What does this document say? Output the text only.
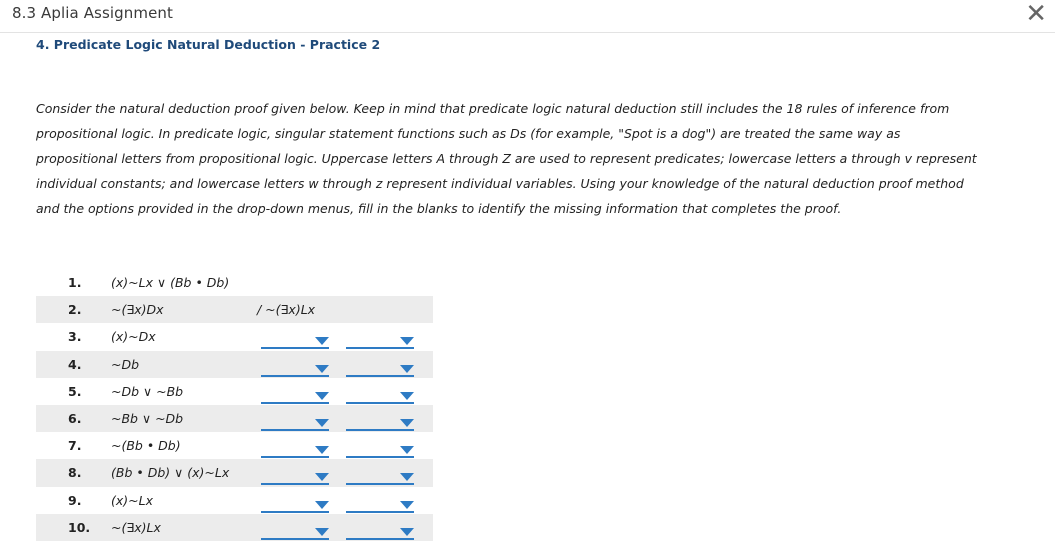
8.3 Aplia Assignment	✕
4. Predicate Logic Natural Deduction - Practice 2
Consider the natural deduction proof given below. Keep in mind that predicate logic natural deduction still includes the 18 rules of inference from
propositional logic. In predicate logic, singular statement functions such as Ds (for example, "Spot is a dog") are treated the same way as
propositional letters from propositional logic. Uppercase letters A through Z are used to represent predicates; lowercase letters a through v represent
individual constants; and lowercase letters w through z represent individual variables. Using your knowledge of the natural deduction proof method
and the options provided in the drop-down menus, fill in the blanks to identify the missing information that completes the proof.
1. (x)~Lx ∨ (Bb • Db)
2. ~(∃x)Dx	/ ~(∃x)Lx
3. (x)~Dx
4. ~Db
5. ~Db ∨ ~Bb
6. ~Bb ∨ ~Db
7. ~(Bb • Db)
8. (Bb • Db) ∨ (x)~Lx
9. (x)~Lx
10. ~(∃x)Lx
